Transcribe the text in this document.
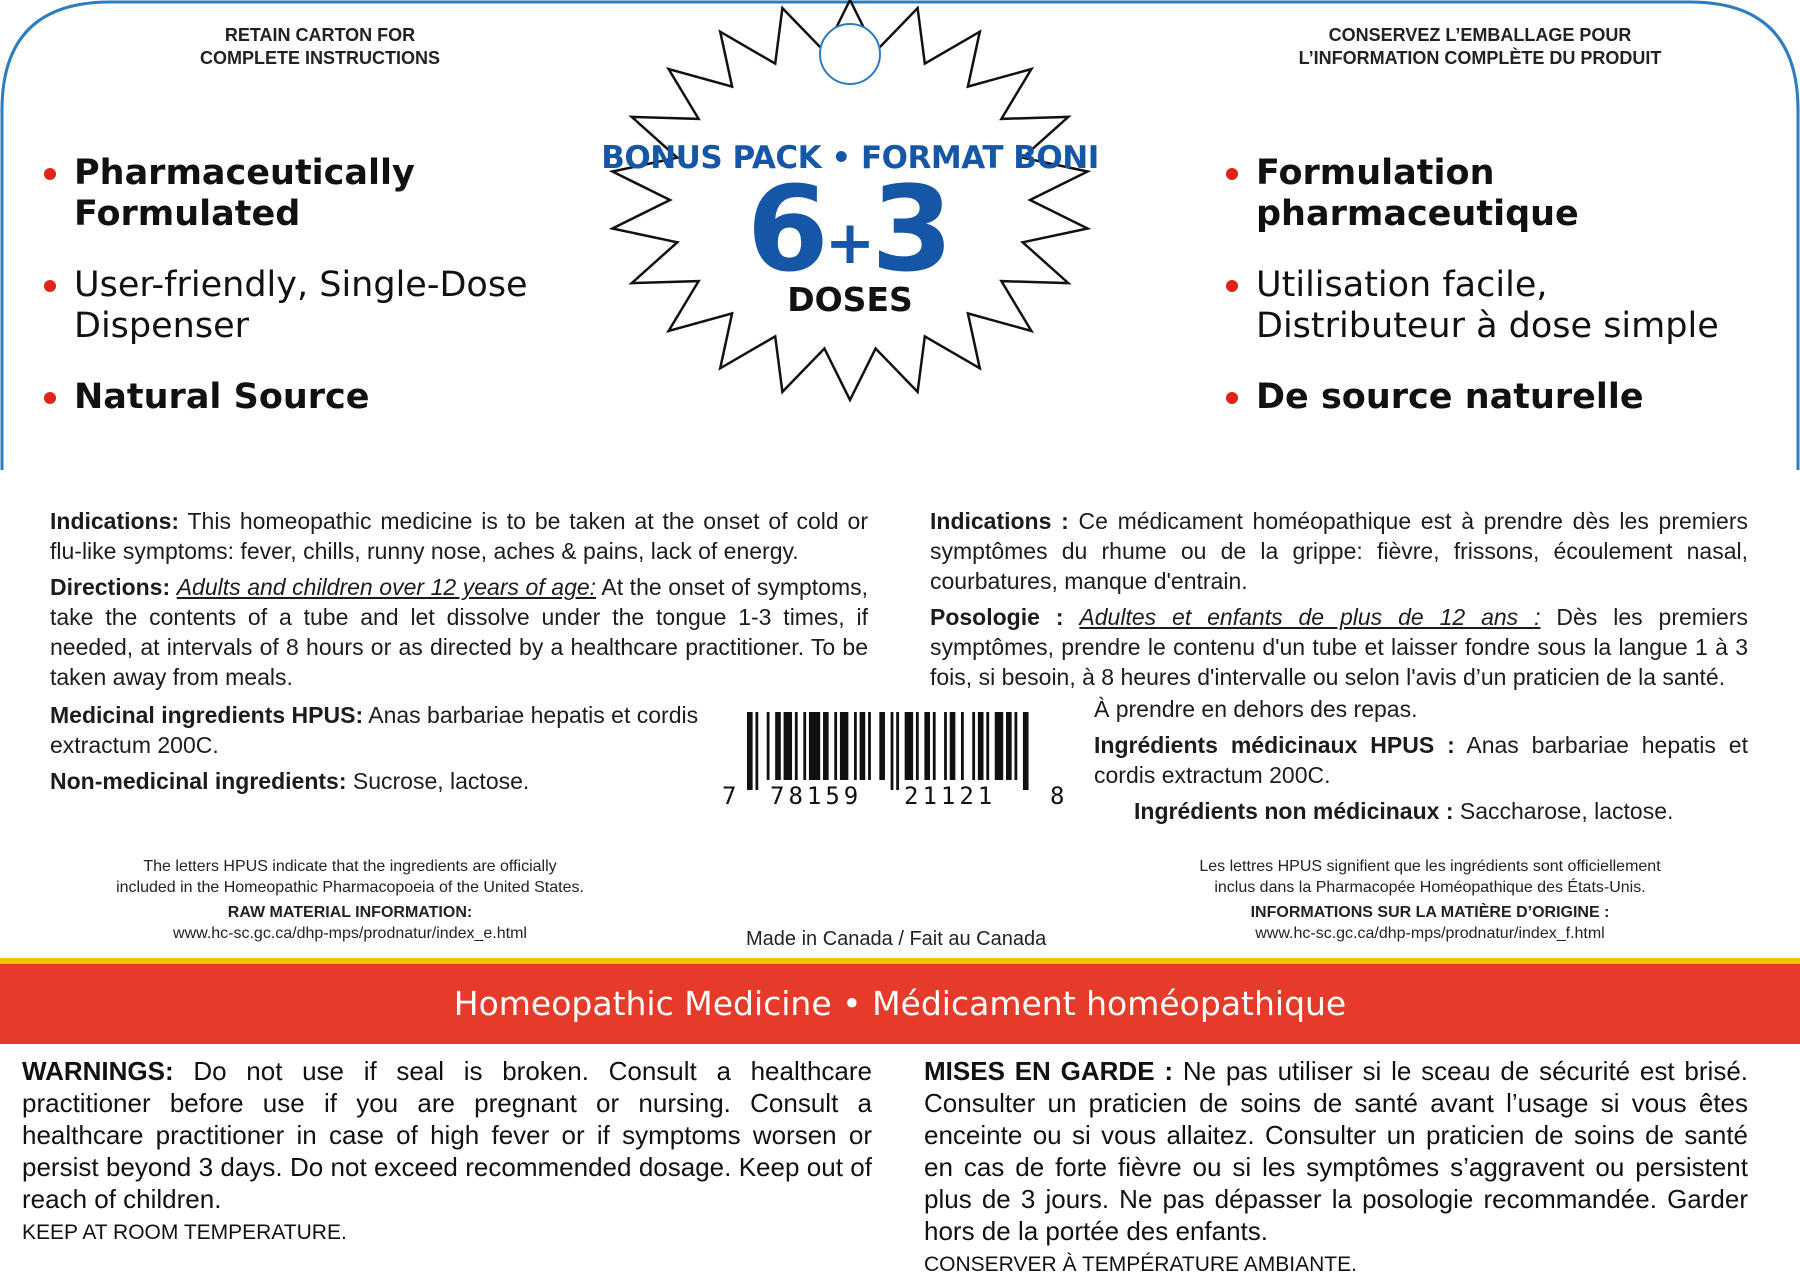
RETAIN CARTON FOR
COMPLETE INSTRUCTIONS
CONSERVEZ L’EMBALLAGE POUR
L’INFORMATION COMPLÈTE DU PRODUIT
Pharmaceutically Formulated
User-friendly, Single-Dose
Dispenser
Natural Source
Formulation pharmaceutique
Utilisation facile,
Distributeur à dose simple
De source naturelle
BONUS PACK • FORMAT BONI
6+3
DOSES

Indications: This homeopathic medicine is to be taken at the onset of cold or flu-like symptoms: fever, chills, runny nose, aches & pains, lack of energy.

Directions: Adults and children over 12 years of age: At the onset of symptoms, take the contents of a tube and let dissolve under the tongue 1-3 times, if needed, at intervals of 8 hours or as directed by a healthcare practitioner. To be taken away from meals.

Medicinal ingredients HPUS: Anas barbariae hepatis et cordis extractum 200C.

Non-medicinal ingredients: Sucrose, lactose.

The letters HPUS indicate that the ingredients are officially
included in the Homeopathic Pharmacopoeia of the United States.
RAW MATERIAL INFORMATION:
www.hc-sc.gc.ca/dhp-mps/prodnatur/index_e.html

Indications : Ce médicament homéopathique est à prendre dès les premiers symptômes du rhume ou de la grippe: fièvre, frissons, écoulement nasal, courbatures, manque d'entrain.

Posologie : Adultes et enfants de plus de 12 ans : Dès les premiers symptômes, prendre le contenu d'un tube et laisser fondre sous la langue 1 à 3 fois, si besoin, à 8 heures d'intervalle ou selon l'avis d’un praticien de la santé.

À prendre en dehors des repas.

Ingrédients médicinaux HPUS : Anas barbariae hepatis et cordis extractum 200C.

Ingrédients non médicinaux : Saccharose, lactose.
Les lettres HPUS signifient que les ingrédients sont officiellement
inclus dans la Pharmacopée Homéopathique des États-Unis.
INFORMATIONS SUR LA MATIÈRE D’ORIGINE :
www.hc-sc.gc.ca/dhp-mps/prodnatur/index_f.html
7 78159 21121 8
Made in Canada / Fait au Canada
Homeopathic Medicine • Médicament homéopathique

WARNINGS: Do not use if seal is broken. Consult a healthcare practitioner before use if you are pregnant or nursing. Consult a healthcare practitioner in case of high fever or if symptoms worsen or persist beyond 3 days. Do not exceed recommended dosage. Keep out of reach of children.

KEEP AT ROOM TEMPERATURE.

MISES EN GARDE : Ne pas utiliser si le sceau de sécurité est brisé. Consulter un praticien de soins de santé avant l’usage si vous êtes enceinte ou si vous allaitez. Consulter un praticien de soins de santé en cas de forte fièvre ou si les symptômes s’aggravent ou persistent plus de 3 jours. Ne pas dépasser la posologie recommandée. Garder hors de la portée des enfants.

CONSERVER À TEMPÉRATURE AMBIANTE.
